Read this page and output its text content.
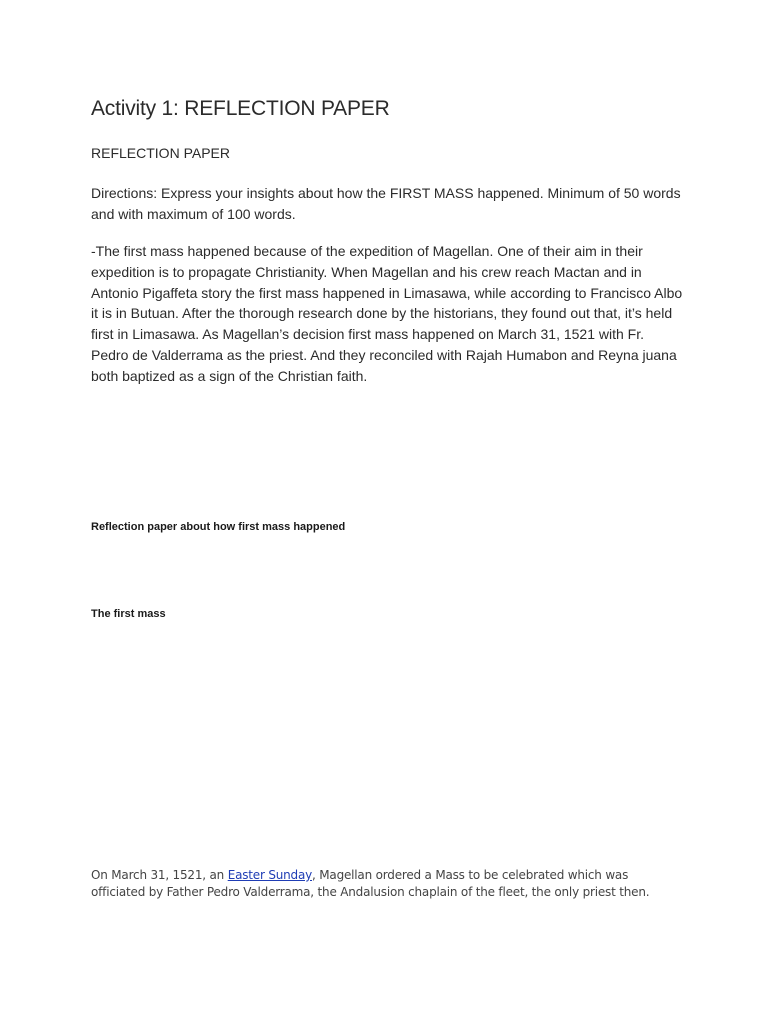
Activity 1: REFLECTION PAPER

REFLECTION PAPER

Directions: Express your insights about how the FIRST MASS happened. Minimum of 50 words and with maximum of 100 words.

-The first mass happened because of the expedition of Magellan. One of their aim in their expedition is to propagate Christianity. When Magellan and his crew reach Mactan and in Antonio Pigaffeta story the first mass happened in Limasawa, while according to Francisco Albo it is in Butuan. After the thorough research done by the historians, they found out that, it’s held first in Limasawa. As Magellan’s decision first mass happened on March 31, 1521 with Fr. Pedro de Valderrama as the priest. And they reconciled with Rajah Humabon and Reyna juana both baptized as a sign of the Christian faith.

Reflection paper about how first mass happened

The first mass

On March 31, 1521, an Easter Sunday, Magellan ordered a Mass to be celebrated which was officiated by Father Pedro Valderrama, the Andalusion chaplain of the fleet, the only priest then.
